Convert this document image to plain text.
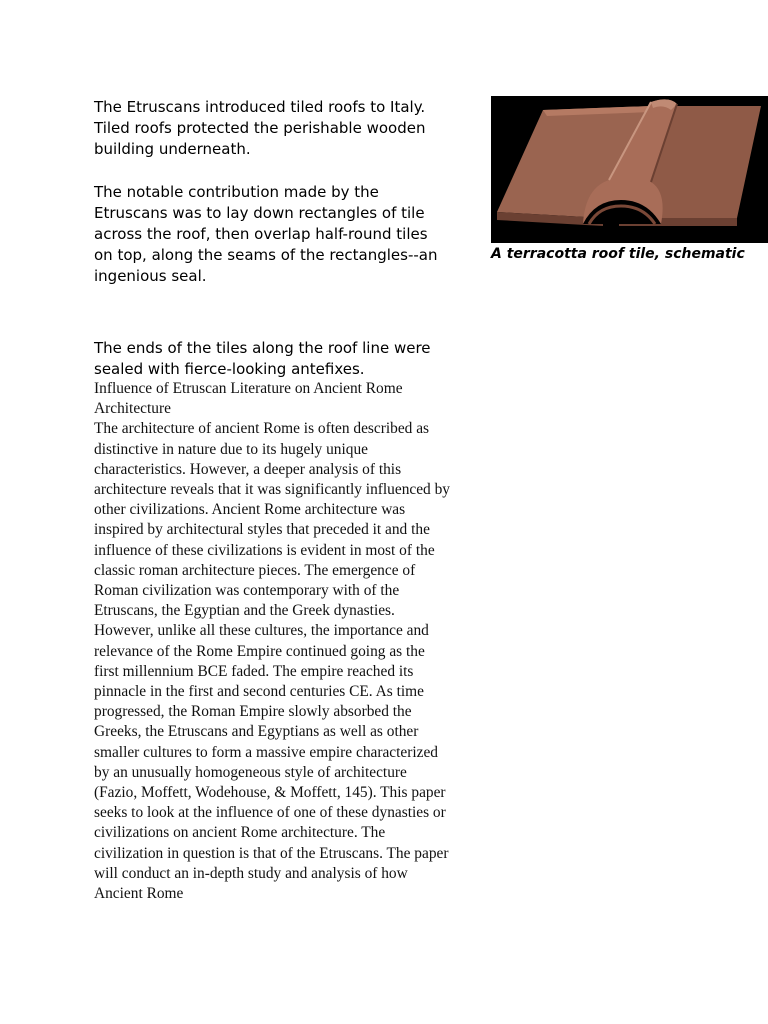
The Etruscans introduced tiled roofs to Italy. Tiled roofs protected the perishable wooden building underneath.

The notable contribution made by the Etruscans was to lay down rectangles of tile across the roof, then overlap half-round tiles on top, along the seams of the rectangles--an ingenious seal.

The ends of the tiles along the roof line were sealed with fierce-looking antefixes.

Influence of Etruscan Literature on Ancient Rome Architecture

The architecture of ancient Rome is often described as distinctive in nature due to its hugely unique characteristics. However, a deeper analysis of this architecture reveals that it was significantly influenced by other civilizations. Ancient Rome architecture was inspired by architectural styles that preceded it and the influence of these civilizations is evident in most of the classic roman architecture pieces. The emergence of Roman civilization was contemporary with of the Etruscans, the Egyptian and the Greek dynasties. However, unlike all these cultures, the importance and relevance of the Rome Empire continued going as the first millennium BCE faded. The empire reached its pinnacle in the first and second centuries CE. As time progressed, the Roman Empire slowly absorbed the Greeks, the Etruscans and Egyptians as well as other smaller cultures to form a massive empire characterized by an unusually homogeneous style of architecture (Fazio, Moffett, Wodehouse, & Moffett, 145). This paper seeks to look at the influence of one of these dynasties or civilizations on ancient Rome architecture. The civilization in question is that of the Etruscans. The paper will conduct an in-depth study and analysis of how Ancient Rome

A terracotta roof tile, schematic
